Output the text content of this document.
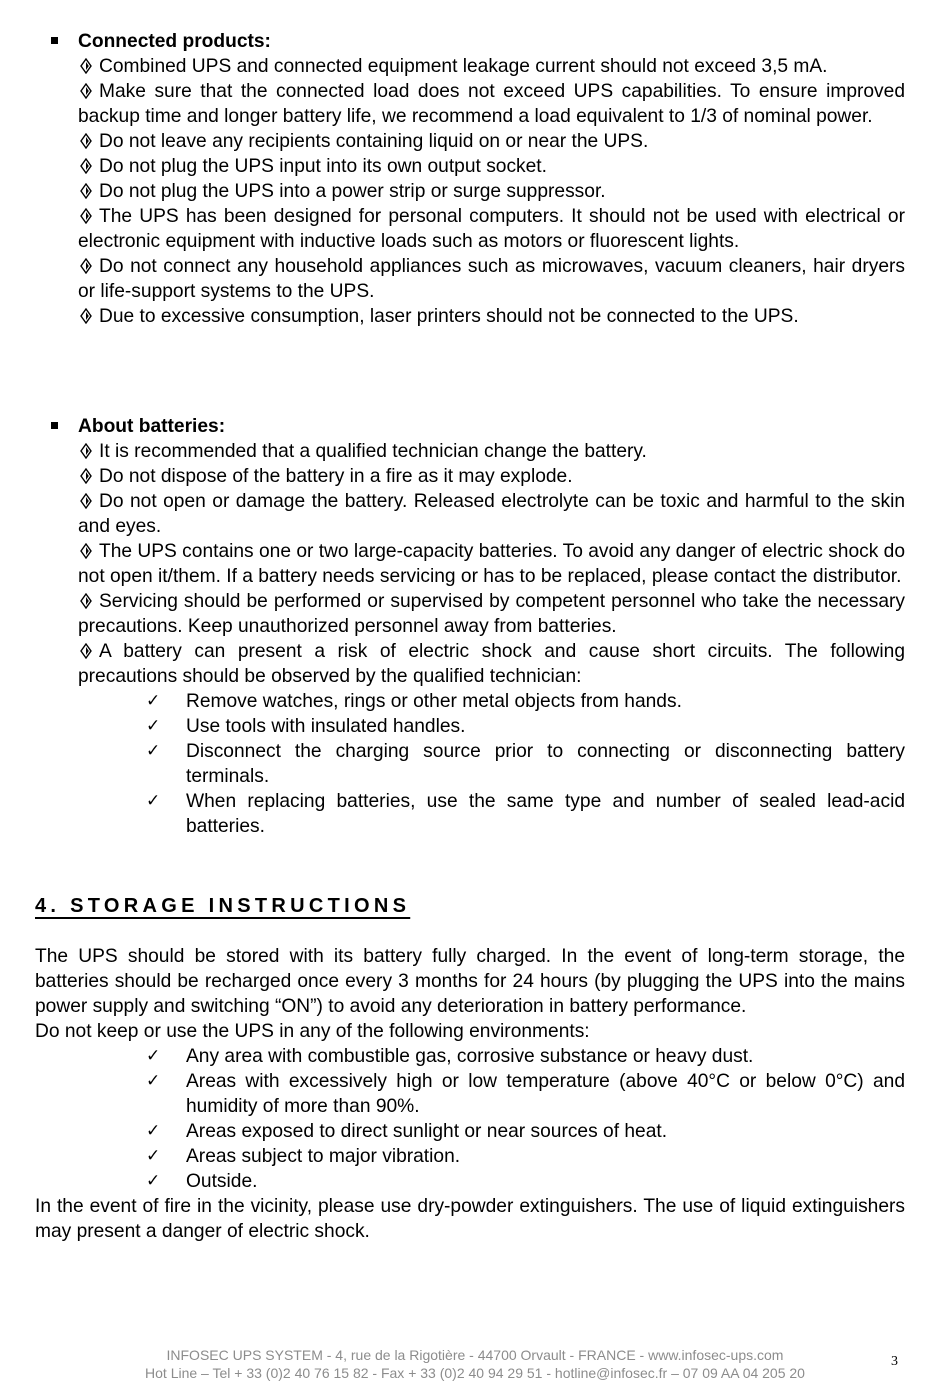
Connected products:
Combined UPS and connected equipment leakage current should not exceed 3,5 mA.
Make sure that the connected load does not exceed UPS capabilities. To ensure improved backup time and longer battery life, we recommend a load equivalent to 1/3 of nominal power.
Do not leave any recipients containing liquid on or near the UPS.
Do not plug the UPS input into its own output socket.
Do not plug the UPS into a power strip or surge suppressor.
The UPS has been designed for personal computers. It should not be used with electrical or electronic equipment with inductive loads such as motors or fluorescent lights.
Do not connect any household appliances such as microwaves, vacuum cleaners, hair dryers or life-support systems to the UPS.
Due to excessive consumption, laser printers should not be connected to the UPS.
About batteries:
It is recommended that a qualified technician change the battery.
Do not dispose of the battery in a fire as it may explode.
Do not open or damage the battery. Released electrolyte can be toxic and harmful to the skin and eyes.
The UPS contains one or two large-capacity batteries. To avoid any danger of electric shock do not open it/them. If a battery needs servicing or has to be replaced, please contact the distributor.
Servicing should be performed or supervised by competent personnel who take the necessary precautions. Keep unauthorized personnel away from batteries.
A battery can present a risk of electric shock and cause short circuits. The following precautions should be observed by the qualified technician:
✓ Remove watches, rings or other metal objects from hands.
✓ Use tools with insulated handles.
✓ Disconnect the charging source prior to connecting or disconnecting battery terminals.
✓ When replacing batteries, use the same type and number of sealed lead-acid batteries.
4. STORAGE INSTRUCTIONS
The UPS should be stored with its battery fully charged. In the event of long-term storage, the batteries should be recharged once every 3 months for 24 hours (by plugging the UPS into the mains power supply and switching “ON”) to avoid any deterioration in battery performance.
Do not keep or use the UPS in any of the following environments:
✓ Any area with combustible gas, corrosive substance or heavy dust.
✓ Areas with excessively high or low temperature (above 40°C or below 0°C) and humidity of more than 90%.
✓ Areas exposed to direct sunlight or near sources of heat.
✓ Areas subject to major vibration.
✓ Outside.
In the event of fire in the vicinity, please use dry-powder extinguishers. The use of liquid extinguishers may present a danger of electric shock.
INFOSEC UPS SYSTEM - 4, rue de la Rigotière - 44700 Orvault - FRANCE - www.infosec-ups.com
Hot Line – Tel + 33 (0)2 40 76 15 82 - Fax + 33 (0)2 40 94 29 51 - hotline@infosec.fr – 07 09 AA 04 205 20
3
